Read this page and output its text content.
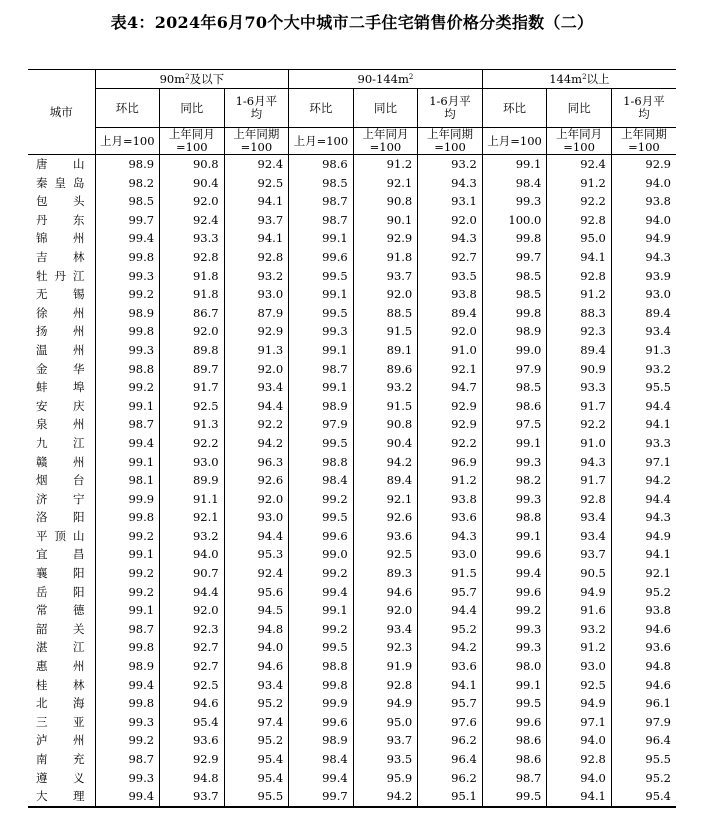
表4：2024年6月70个大中城市二手住宅销售价格分类指数（二）
城市	$90m^2$及以下			$90-144m^2$			$144m^2$以上		
	环比	同比	1-6月平均	环比	同比	1-6月平均	环比	同比	1-6月平均
	上月=100	上年同月=100	上年同期=100	上月=100	上年同月=100	上年同期=100	上月=100	上年同月=100	上年同期=100
唐山	98.9	90.8	92.4	98.6	91.2	93.2	99.1	92.4	92.9
秦皇岛	98.2	90.4	92.5	98.5	92.1	94.3	98.4	91.2	94.0
包头	98.5	92.0	94.1	98.7	90.8	93.1	99.3	92.2	93.8
丹东	99.7	92.4	93.7	98.7	90.1	92.0	100.0	92.8	94.0
锦州	99.4	93.3	94.1	99.1	92.9	94.3	99.8	95.0	94.9
吉林	99.8	92.8	92.8	99.6	91.8	92.7	99.7	94.1	94.3
牡丹江	99.3	91.8	93.2	99.5	93.7	93.5	98.5	92.8	93.9
无锡	99.2	91.8	93.0	99.1	92.0	93.8	98.5	91.2	93.0
徐州	98.9	86.7	87.9	99.5	88.5	89.4	99.8	88.3	89.4
扬州	99.8	92.0	92.9	99.3	91.5	92.0	98.9	92.3	93.4
温州	99.3	89.8	91.3	99.1	89.1	91.0	99.0	89.4	91.3
金华	98.8	89.7	92.0	98.7	89.6	92.1	97.9	90.9	93.2
蚌埠	99.2	91.7	93.4	99.1	93.2	94.7	98.5	93.3	95.5
安庆	99.1	92.5	94.4	98.9	91.5	92.9	98.6	91.7	94.4
泉州	98.7	91.3	92.2	97.9	90.8	92.9	97.5	92.2	94.1
九江	99.4	92.2	94.2	99.5	90.4	92.2	99.1	91.0	93.3
赣州	99.1	93.0	96.3	98.8	94.2	96.9	99.3	94.3	97.1
烟台	98.1	89.9	92.6	98.4	89.4	91.2	98.2	91.7	94.2
济宁	99.9	91.1	92.0	99.2	92.1	93.8	99.3	92.8	94.4
洛阳	99.8	92.1	93.0	99.5	92.6	93.6	98.8	93.4	94.3
平顶山	99.2	93.2	94.4	99.6	93.6	94.3	99.1	93.4	94.9
宜昌	99.1	94.0	95.3	99.0	92.5	93.0	99.6	93.7	94.1
襄阳	99.2	90.7	92.4	99.2	89.3	91.5	99.4	90.5	92.1
岳阳	99.2	94.4	95.6	99.4	94.6	95.7	99.6	94.9	95.2
常德	99.1	92.0	94.5	99.1	92.0	94.4	99.2	91.6	93.8
韶关	98.7	92.3	94.8	99.2	93.4	95.2	99.3	93.2	94.6
湛江	99.8	92.7	94.0	99.5	92.3	94.2	99.3	91.2	93.6
惠州	98.9	92.7	94.6	98.8	91.9	93.6	98.0	93.0	94.8
桂林	99.4	92.5	93.4	99.8	92.8	94.1	99.1	92.5	94.6
北海	99.8	94.6	95.2	99.9	94.9	95.7	99.5	94.9	96.1
三亚	99.3	95.4	97.4	99.6	95.0	97.6	99.6	97.1	97.9
泸州	99.2	93.6	95.2	98.9	93.7	96.2	98.6	94.0	96.4
南充	98.7	92.9	95.4	98.4	93.5	96.4	98.6	92.8	95.5
遵义	99.3	94.8	95.4	99.4	95.9	96.2	98.7	94.0	95.2
大理	99.4	93.7	95.5	99.7	94.2	95.1	99.5	94.1	95.4
